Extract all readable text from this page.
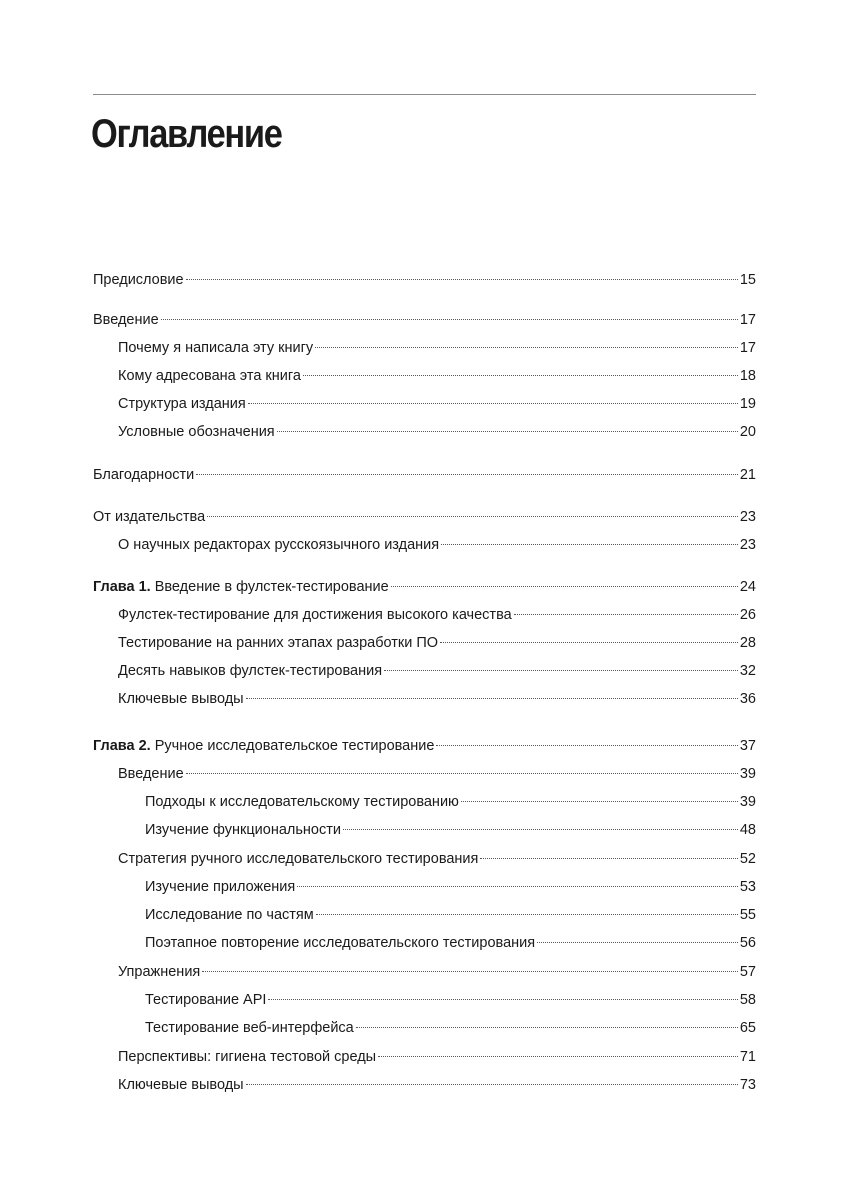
Оглавление
Предисловие	15
Введение	17
Почему я написала эту книгу	17
Кому адресована эта книга	18
Структура издания	19
Условные обозначения	20
Благодарности	21
От издательства	23
О научных редакторах русскоязычного издания	23
Глава 1. Введение в фулстек-тестирование	24
Фулстек-тестирование для достижения высокого качества	26
Тестирование на ранних этапах разработки ПО	28
Десять навыков фулстек-тестирования	32
Ключевые выводы	36
Глава 2. Ручное исследовательское тестирование	37
Введение	39
Подходы к исследовательскому тестированию	39
Изучение функциональности	48
Стратегия ручного исследовательского тестирования	52
Изучение приложения	53
Исследование по частям	55
Поэтапное повторение исследовательского тестирования	56
Упражнения	57
Тестирование API	58
Тестирование веб-интерфейса	65
Перспективы: гигиена тестовой среды	71
Ключевые выводы	73
